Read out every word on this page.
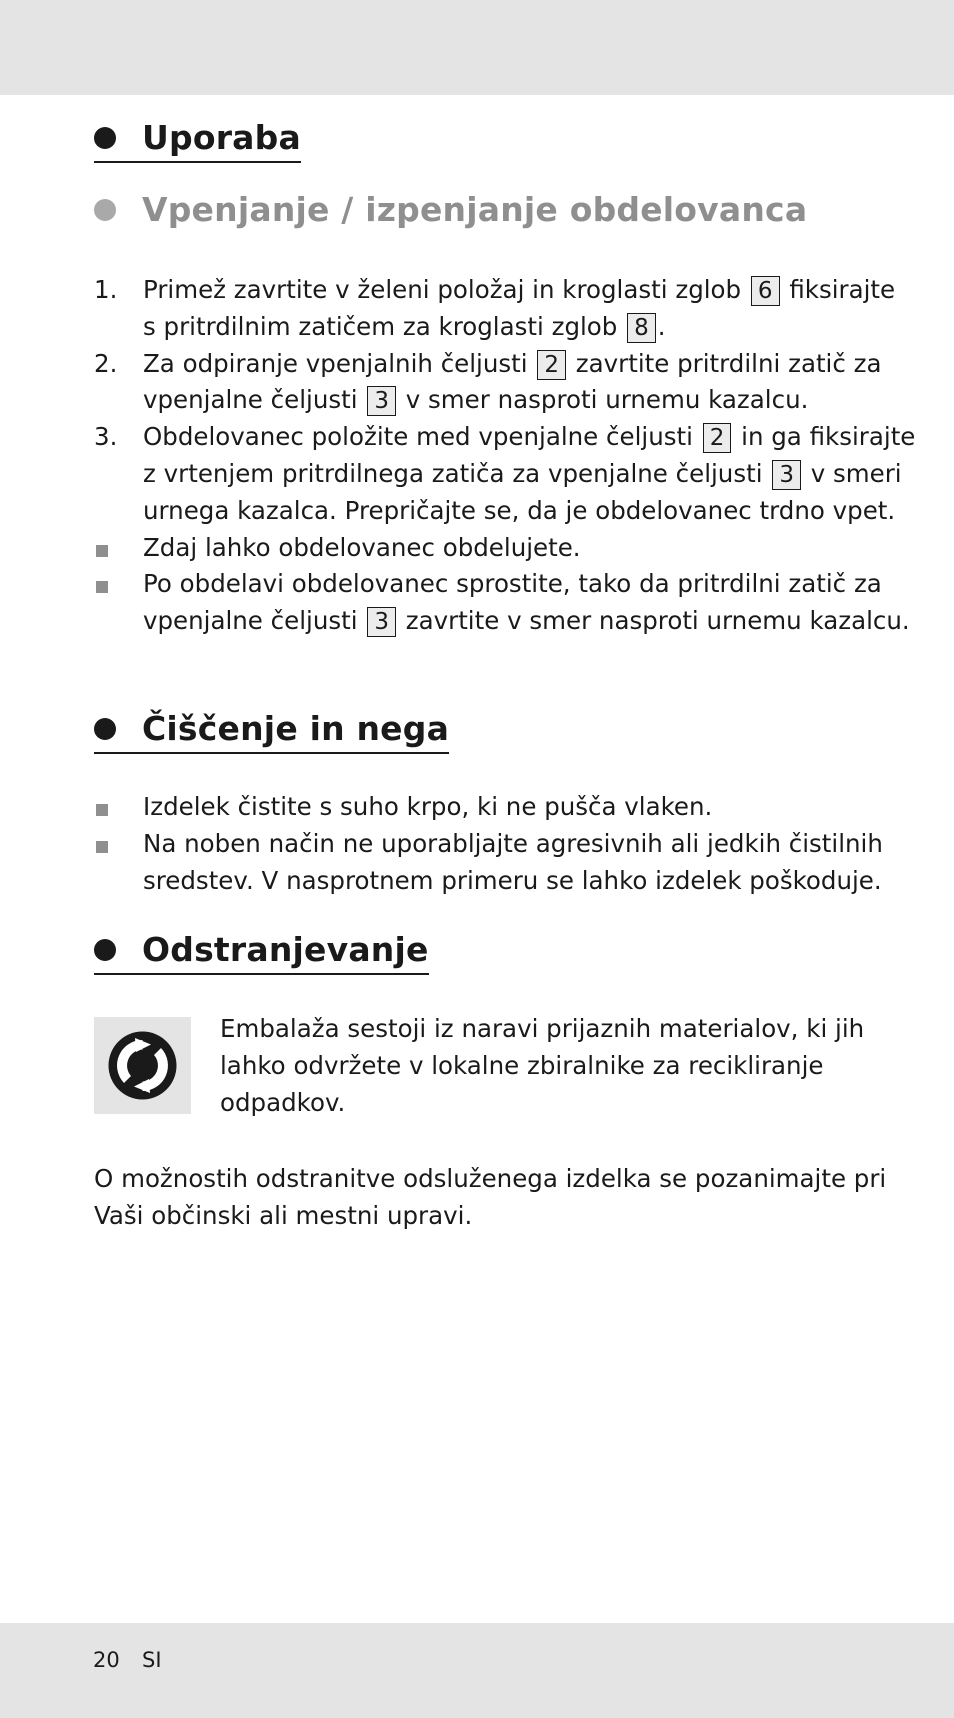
Uporaba
Vpenjanje / izpenjanje obdelovanca
1. Primež zavrtite v želeni položaj in kroglasti zglob 6 fiksirajte
s pritrdilnim zatičem za kroglasti zglob 8 .
2. Za odpiranje vpenjalnih čeljusti 2 zavrtite pritrdilni zatič za
vpenjalne čeljusti 3 v smer nasproti urnemu kazalcu.
3. Obdelovanec položite med vpenjalne čeljusti 2 in ga fiksirajte
z vrtenjem pritrdilnega zatiča za vpenjalne čeljusti 3 v smeri
urnega kazalca. Prepričajte se, da je obdelovanec trdno vpet.
Zdaj lahko obdelovanec obdelujete.
Po obdelavi obdelovanec sprostite, tako da pritrdilni zatič za
vpenjalne čeljusti 3 zavrtite v smer nasproti urnemu kazalcu.
Čiščenje in nega
Izdelek čistite s suho krpo, ki ne pušča vlaken.
Na noben način ne uporabljajte agresivnih ali jedkih čistilnih
sredstev. V nasprotnem primeru se lahko izdelek poškoduje.
Odstranjevanje
Embalaža sestoji iz naravi prijaznih materialov, ki jih
lahko odvržete v lokalne zbiralnike za recikliranje
odpadkov.
O možnostih odstranitve odsluženega izdelka se pozanimajte pri
Vaši občinski ali mestni upravi.
20 SI
